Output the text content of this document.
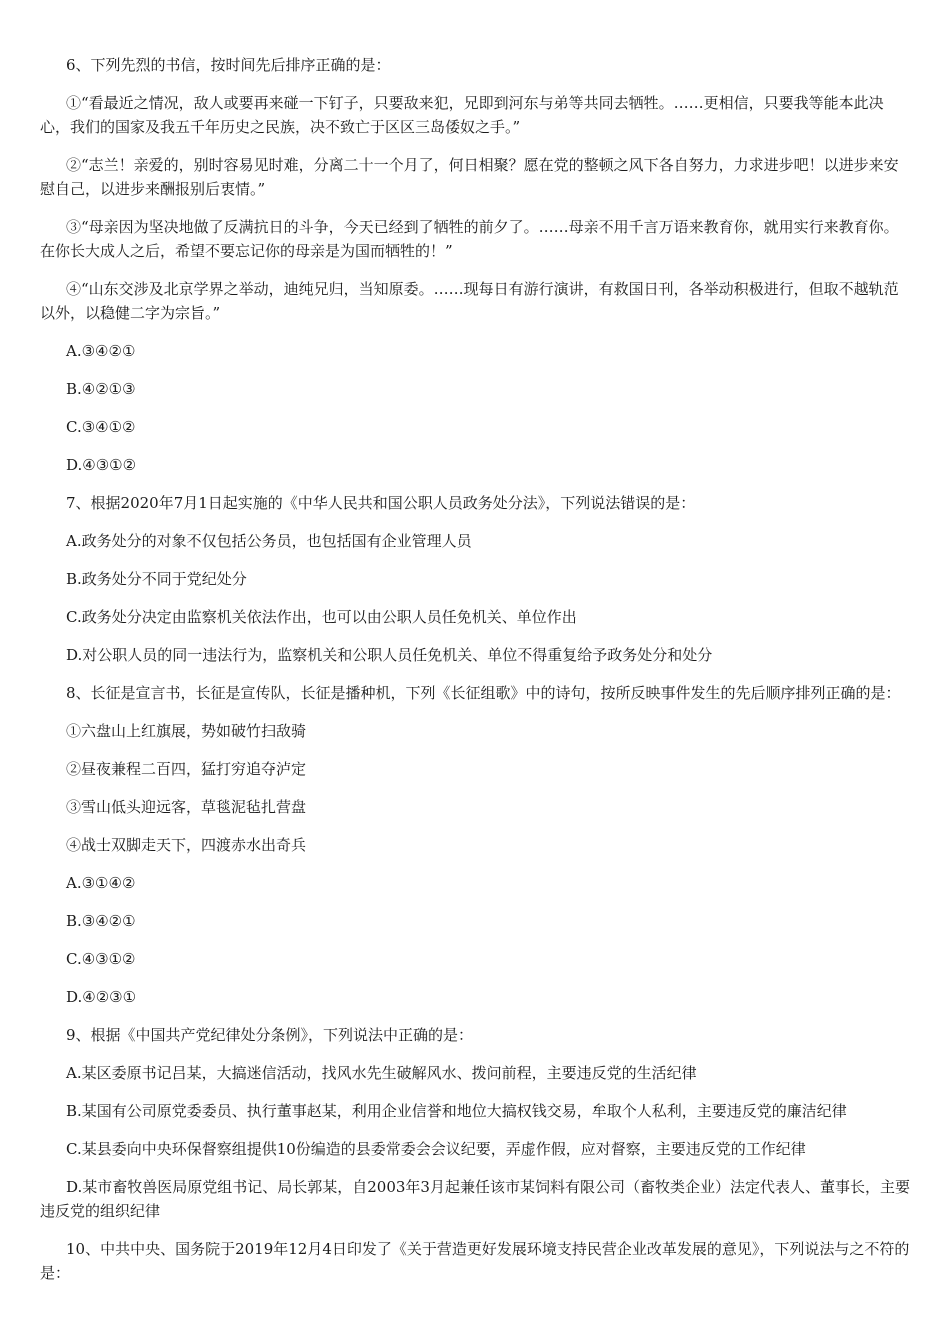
6、下列先烈的书信，按时间先后排序正确的是：

①“看最近之情况，敌人或要再来碰一下钉子，只要敌来犯，兄即到河东与弟等共同去牺牲。……更相信，只要我等能本此决心，我们的国家及我五千年历史之民族，决不致亡于区区三岛倭奴之手。”

②“志兰！亲爱的，别时容易见时难，分离二十一个月了，何日相聚？愿在党的整顿之风下各自努力，力求进步吧！以进步来安慰自己，以进步来酬报别后衷情。”

③“母亲因为坚决地做了反满抗日的斗争，今天已经到了牺牲的前夕了。……母亲不用千言万语来教育你，就用实行来教育你。在你长大成人之后，希望不要忘记你的母亲是为国而牺牲的！”

④“山东交涉及北京学界之举动，迪纯兄归，当知原委。……现每日有游行演讲，有救国日刊，各举动积极进行，但取不越轨范以外，以稳健二字为宗旨。”

A.③④②①

B.④②①③

C.③④①②

D.④③①②

7、根据2020年7月1日起实施的《中华人民共和国公职人员政务处分法》，下列说法错误的是：

A.政务处分的对象不仅包括公务员，也包括国有企业管理人员

B.政务处分不同于党纪处分

C.政务处分决定由监察机关依法作出，也可以由公职人员任免机关、单位作出

D.对公职人员的同一违法行为，监察机关和公职人员任免机关、单位不得重复给予政务处分和处分

8、长征是宣言书，长征是宣传队，长征是播种机，下列《长征组歌》中的诗句，按所反映事件发生的先后顺序排列正确的是：

①六盘山上红旗展，势如破竹扫敌骑

②昼夜兼程二百四，猛打穷追夺泸定

③雪山低头迎远客，草毯泥毡扎营盘

④战士双脚走天下，四渡赤水出奇兵

A.③①④②

B.③④②①

C.④③①②

D.④②③①

9、根据《中国共产党纪律处分条例》，下列说法中正确的是：

A.某区委原书记吕某，大搞迷信活动，找风水先生破解风水、拨问前程，主要违反党的生活纪律

B.某国有公司原党委委员、执行董事赵某，利用企业信誉和地位大搞权钱交易，牟取个人私利，主要违反党的廉洁纪律

C.某县委向中央环保督察组提供10份编造的县委常委会会议纪要，弄虚作假，应对督察，主要违反党的工作纪律

D.某市畜牧兽医局原党组书记、局长郭某，自2003年3月起兼任该市某饲料有限公司（畜牧类企业）法定代表人、董事长，主要违反党的组织纪律

10、中共中央、国务院于2019年12月4日印发了《关于营造更好发展环境支持民营企业改革发展的意见》，下列说法与之不符的是：
